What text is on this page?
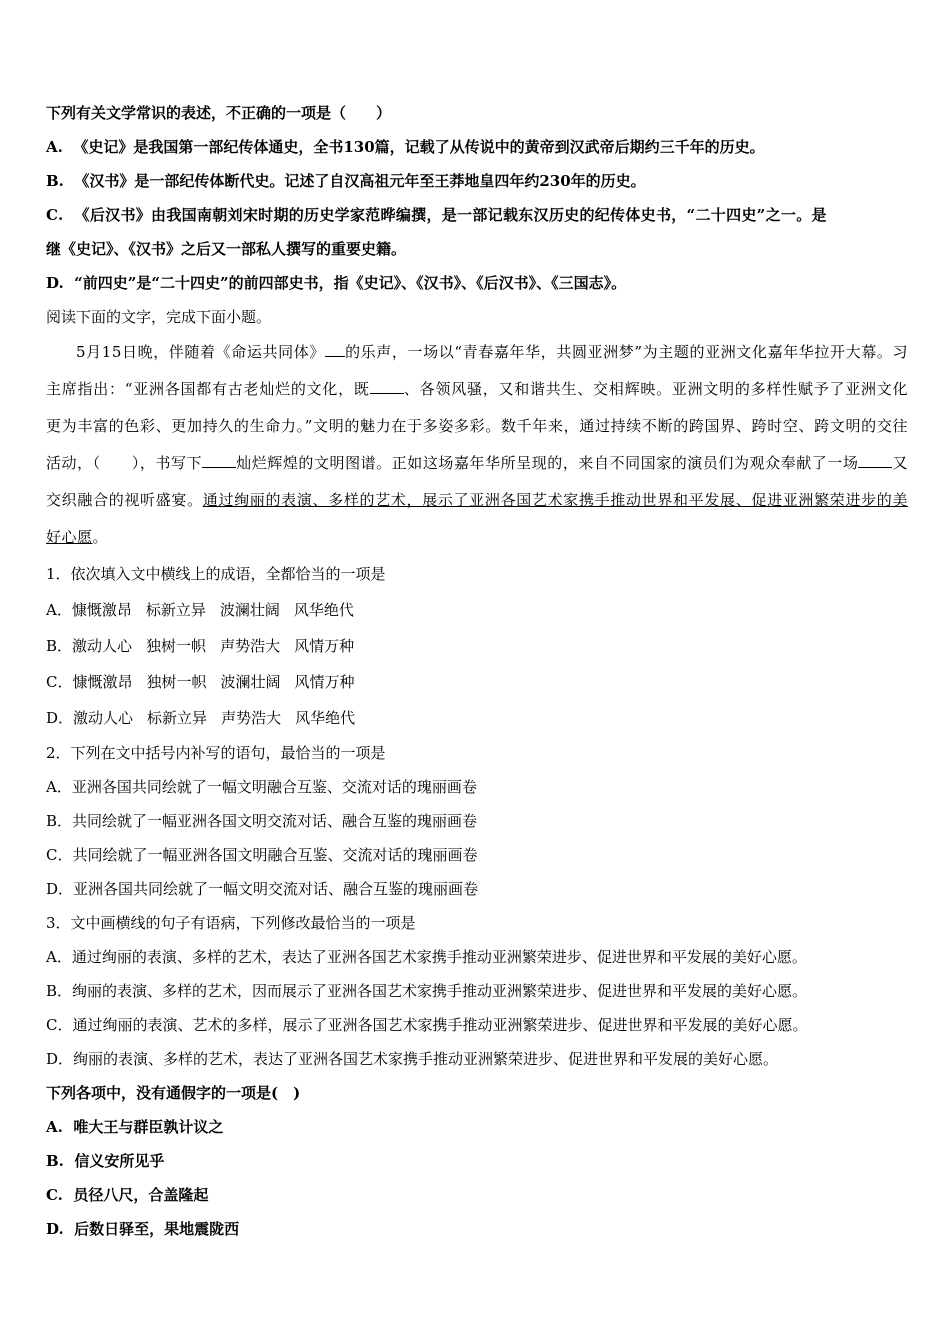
下列有关文学常识的表述，不正确的一项是（　　）
A. 《史记》是我国第一部纪传体通史，全书130篇，记载了从传说中的黄帝到汉武帝后期约三千年的历史。
B. 《汉书》是一部纪传体断代史。记述了自汉高祖元年至王莽地皇四年约230年的历史。
C. 《后汉书》由我国南朝刘宋时期的历史学家范晔编撰，是一部记载东汉历史的纪传体史书，“二十四史”之一。是
继《史记》、《汉书》之后又一部私人撰写的重要史籍。
D. “前四史”是“二十四史”的前四部史书，指《史记》、《汉书》、《后汉书》、《三国志》。
阅读下面的文字，完成下面小题。
5月15日晚，伴随着《命运共同体》 的乐声，一场以“青春嘉年华，共圆亚洲梦”为主题的亚洲文化嘉年华拉开大幕。习主席指出：“亚洲各国都有古老灿烂的文化，既 、各领风骚，又和谐共生、交相辉映。亚洲文明的多样性赋予了亚洲文化更为丰富的色彩、更加持久的生命力。”文明的魅力在于多姿多彩。数千年来，通过持续不断的跨国界、跨时空、跨文明的交往活动，（　　），书写下 灿烂辉煌的文明图谱。正如这场嘉年华所呈现的，来自不同国家的演员们为观众奉献了一场 又交织融合的视听盛宴。通过绚丽的表演、多样的艺术，展示了亚洲各国艺术家携手推动世界和平发展、促进亚洲繁荣进步的美好心愿。
1．依次填入文中横线上的成语，全都恰当的一项是
A．慷慨激昂 标新立异 波澜壮阔 风华绝代
B．激动人心 独树一帜 声势浩大 风情万种
C．慷慨激昂 独树一帜 波澜壮阔 风情万种
D．激动人心 标新立异 声势浩大 风华绝代
2．下列在文中括号内补写的语句，最恰当的一项是
A．亚洲各国共同绘就了一幅文明融合互鉴、交流对话的瑰丽画卷
B．共同绘就了一幅亚洲各国文明交流对话、融合互鉴的瑰丽画卷
C．共同绘就了一幅亚洲各国文明融合互鉴、交流对话的瑰丽画卷
D．亚洲各国共同绘就了一幅文明交流对话、融合互鉴的瑰丽画卷
3．文中画横线的句子有语病，下列修改最恰当的一项是
A．通过绚丽的表演、多样的艺术，表达了亚洲各国艺术家携手推动亚洲繁荣进步、促进世界和平发展的美好心愿。
B．绚丽的表演、多样的艺术，因而展示了亚洲各国艺术家携手推动亚洲繁荣进步、促进世界和平发展的美好心愿。
C．通过绚丽的表演、艺术的多样，展示了亚洲各国艺术家携手推动亚洲繁荣进步、促进世界和平发展的美好心愿。
D．绚丽的表演、多样的艺术，表达了亚洲各国艺术家携手推动亚洲繁荣进步、促进世界和平发展的美好心愿。
下列各项中，没有通假字的一项是(　)
A. 唯大王与群臣孰计议之
B. 信义安所见乎
C. 员径八尺，合盖隆起
D. 后数日驿至，果地震陇西
